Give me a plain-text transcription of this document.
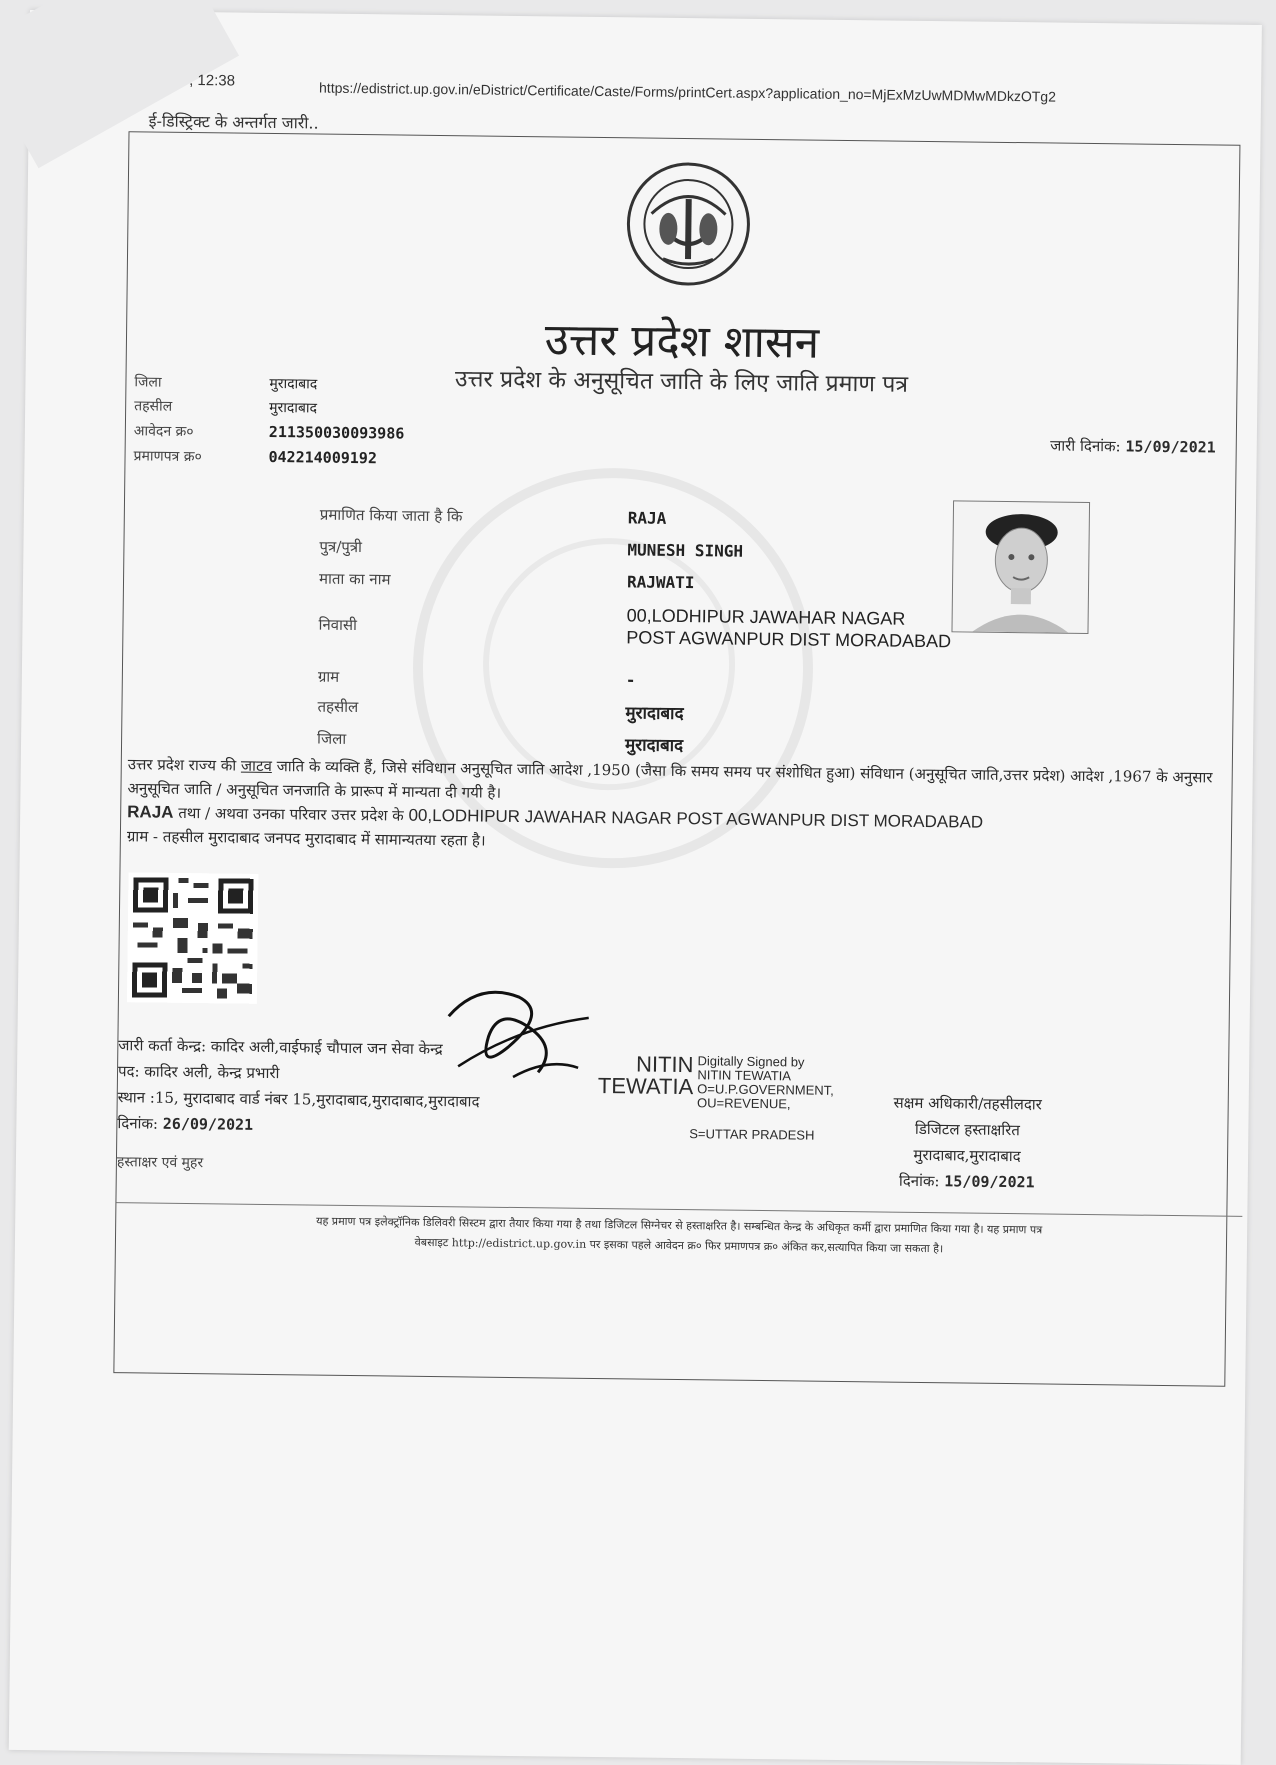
, 12:38	https://edistrict.up.gov.in/eDistrict/Certificate/Caste/Forms/printCert.aspx?application_no=MjExMzUwMDMwMDkzOTg2
ई-डिस्ट्रिक्ट के अन्तर्गत जारी..
उत्तर प्रदेश शासन
उत्तर प्रदेश के अनुसूचित जाति के लिए जाति प्रमाण पत्र
जिला	मुरादाबाद
तहसील	मुरादाबाद
आवेदन क्र०	211350030093986
प्रमाणपत्र क्र०	042214009192
जारी दिनांक: 15/09/2021
प्रमाणित किया जाता है कि	RAJA
पुत्र/पुत्री	MUNESH SINGH
माता का नाम	RAJWATI
निवासी	00,LODHIPUR JAWAHAR NAGAR POST AGWANPUR DIST MORADABAD
ग्राम	-
तहसील	मुरादाबाद
जिला	मुरादाबाद

उत्तर प्रदेश राज्य की जाटव जाति के व्यक्ति हैं, जिसे संविधान अनुसूचित जाति आदेश ,1950 (जैसा कि समय समय पर संशोधित हुआ) संविधान (अनुसूचित जाति,उत्तर प्रदेश) आदेश ,1967 के अनुसार अनुसूचित जाति / अनुसूचित जनजाति के प्रारूप में मान्यता दी गयी है।

RAJA तथा / अथवा उनका परिवार उत्तर प्रदेश के 00,LODHIPUR JAWAHAR NAGAR POST AGWANPUR DIST MORADABAD

ग्राम - तहसील मुरादाबाद जनपद मुरादाबाद में सामान्यतया रहता है।

जारी कर्ता केन्द्र: कादिर अली,वाईफाई चौपाल जन सेवा केन्द्र
पद: कादिर अली, केन्द्र प्रभारी
स्थान :15, मुरादाबाद वार्ड नंबर 15,मुरादाबाद,मुरादाबाद,मुरादाबाद
दिनांक: 26/09/2021
हस्ताक्षर एवं मुहर
NITIN
TEWATIA
Digitally Signed by
NITIN TEWATIA
O=U.P.GOVERNMENT,
OU=REVENUE,
S=UTTAR PRADESH
सक्षम अधिकारी/तहसीलदार
डिजिटल हस्ताक्षरित
मुरादाबाद,मुरादाबाद
दिनांक: 15/09/2021
यह प्रमाण पत्र इलेक्ट्रॉनिक डिलिवरी सिस्टम द्वारा तैयार किया गया है तथा डिजिटल सिग्नेचर से हस्ताक्षरित है। सम्बन्धित केन्द्र के अधिकृत कर्मी द्वारा प्रमाणित किया गया है। यह प्रमाण पत्र
वेबसाइट http://edistrict.up.gov.in पर इसका पहले आवेदन क्र० फिर प्रमाणपत्र क्र० अंकित कर,सत्यापित किया जा सकता है।
